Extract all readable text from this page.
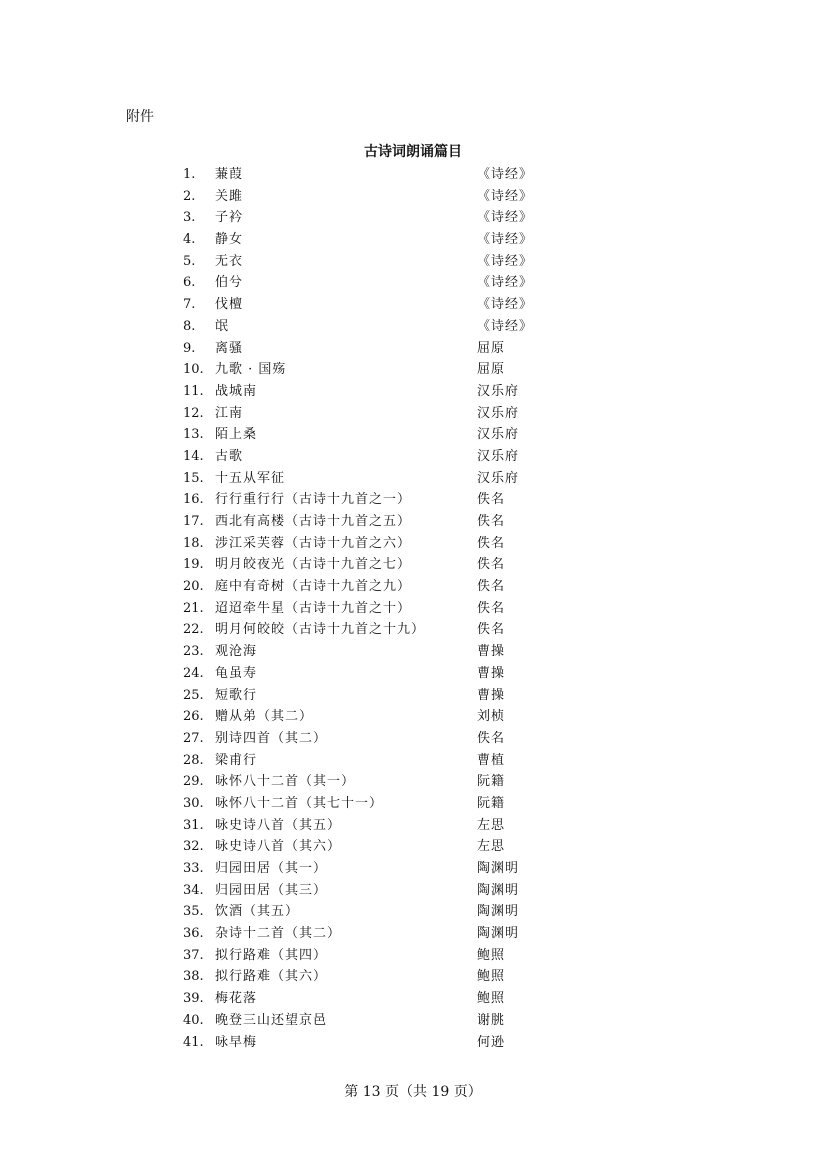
附件
古诗词朗诵篇目
1.	蒹葭	《诗经》
2.	关雎	《诗经》
3.	子衿	《诗经》
4.	静女	《诗经》
5.	无衣	《诗经》
6.	伯兮	《诗经》
7.	伐檀	《诗经》
8.	氓	《诗经》
9.	离骚	屈原
10. 九歌 · 国殇	屈原
11. 战城南	汉乐府
12. 江南	汉乐府
13. 陌上桑	汉乐府
14. 古歌	汉乐府
15. 十五从军征	汉乐府
16. 行行重行行（古诗十九首之一）	佚名
17. 西北有高楼（古诗十九首之五）	佚名
18. 涉江采芙蓉（古诗十九首之六）	佚名
19. 明月皎夜光（古诗十九首之七）	佚名
20. 庭中有奇树（古诗十九首之九）	佚名
21. 迢迢牵牛星（古诗十九首之十）	佚名
22. 明月何皎皎（古诗十九首之十九）	佚名
23. 观沧海	曹操
24. 龟虽寿	曹操
25. 短歌行	曹操
26. 赠从弟（其二）	刘桢
27. 别诗四首（其二）	佚名
28. 梁甫行	曹植
29. 咏怀八十二首（其一）	阮籍
30. 咏怀八十二首（其七十一）	阮籍
31. 咏史诗八首（其五）	左思
32. 咏史诗八首（其六）	左思
33. 归园田居（其一）	陶渊明
34. 归园田居（其三）	陶渊明
35. 饮酒（其五）	陶渊明
36. 杂诗十二首（其二）	陶渊明
37. 拟行路难（其四）	鲍照
38. 拟行路难（其六）	鲍照
39. 梅花落	鲍照
40. 晚登三山还望京邑	谢朓
41. 咏早梅	何逊
第 13 页（共 19 页）
